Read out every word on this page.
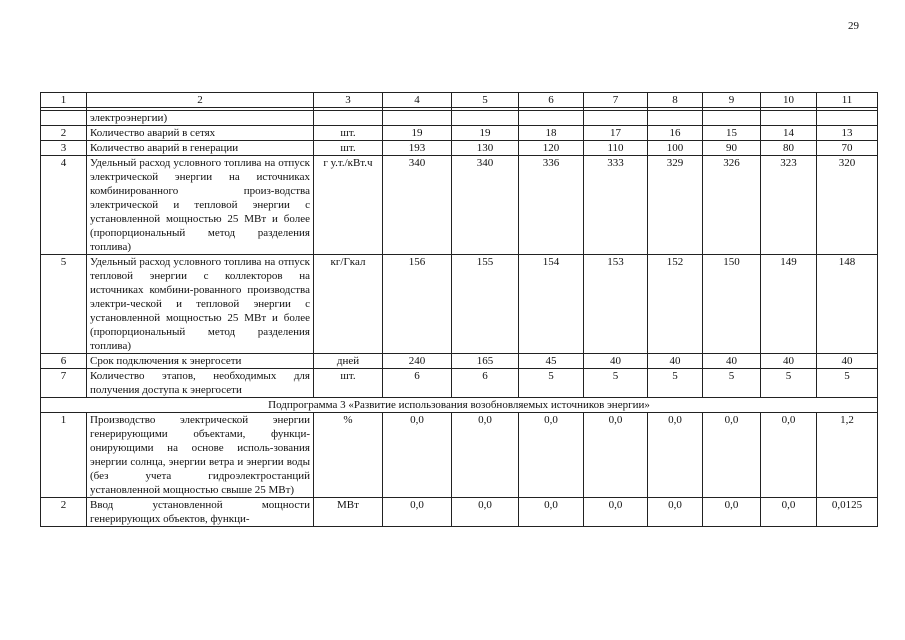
29
1	2	3	4	5	6	7	8	9	10	11

	электроэнергии)									
2	Количество аварий в сетях	шт.	19	19	18	17	16	15	14	13
3	Количество аварий в генерации	шт.	193	130	120	110	100	90	80	70
4	Удельный расход условного топлива на отпуск электрической энергии на источниках комбинированного произ-водства электрической и тепловой энергии с установленной мощностью 25 МВт и более (пропорциональный метод разделения топлива)	г у.т./кВт.ч	340	340	336	333	329	326	323	320
5	Удельный расход условного топлива на отпуск тепловой энергии с коллекторов на источниках комбини-рованного производства электри-ческой и тепловой энергии с установленной мощностью 25 МВт и более (пропорциональный метод разделения топлива)	кг/Гкал	156	155	154	153	152	150	149	148
6	Срок подключения к энергосети	дней	240	165	45	40	40	40	40	40
7	Количество этапов, необходимых для получения доступа к энергосети	шт.	6	6	5	5	5	5	5	5
Подпрограмма 3 «Развитие использования возобновляемых источников энергии»										
1	Производство электрической энергии генерирующими объектами, функци-онирующими на основе исполь-зования энергии солнца, энергии ветра и энергии воды (без учета гидроэлектростанций установленной мощностью свыше 25 МВт)	%	0,0	0,0	0,0	0,0	0,0	0,0	0,0	1,2
2	Ввод установленной мощности генерирующих объектов, функци-	МВт	0,0	0,0	0,0	0,0	0,0	0,0	0,0	0,0125
